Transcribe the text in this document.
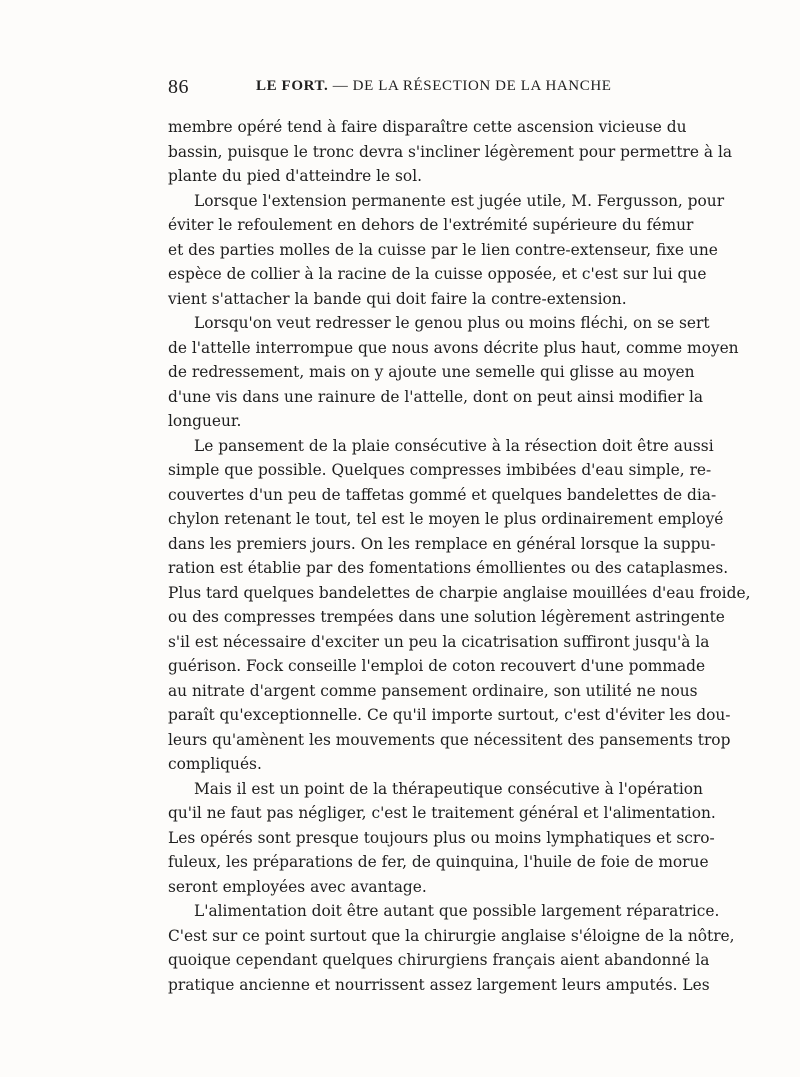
86	LE FORT. — DE LA RÉSECTION DE LA HANCHE
membre opéré tend à faire disparaître cette ascension vicieuse du
bassin, puisque le tronc devra s'incliner légèrement pour permettre à la
plante du pied d'atteindre le sol.
Lorsque l'extension permanente est jugée utile, M. Fergusson, pour
éviter le refoulement en dehors de l'extrémité supérieure du fémur
et des parties molles de la cuisse par le lien contre-extenseur, fixe une
espèce de collier à la racine de la cuisse opposée, et c'est sur lui que
vient s'attacher la bande qui doit faire la contre-extension.
Lorsqu'on veut redresser le genou plus ou moins fléchi, on se sert
de l'attelle interrompue que nous avons décrite plus haut, comme moyen
de redressement, mais on y ajoute une semelle qui glisse au moyen
d'une vis dans une rainure de l'attelle, dont on peut ainsi modifier la
longueur.
Le pansement de la plaie consécutive à la résection doit être aussi
simple que possible. Quelques compresses imbibées d'eau simple, re-
couvertes d'un peu de taffetas gommé et quelques bandelettes de dia-
chylon retenant le tout, tel est le moyen le plus ordinairement employé
dans les premiers jours. On les remplace en général lorsque la suppu-
ration est établie par des fomentations émollientes ou des cataplasmes.
Plus tard quelques bandelettes de charpie anglaise mouillées d'eau froide,
ou des compresses trempées dans une solution légèrement astringente
s'il est nécessaire d'exciter un peu la cicatrisation suffiront jusqu'à la
guérison. Fock conseille l'emploi de coton recouvert d'une pommade
au nitrate d'argent comme pansement ordinaire, son utilité ne nous
paraît qu'exceptionnelle. Ce qu'il importe surtout, c'est d'éviter les dou-
leurs qu'amènent les mouvements que nécessitent des pansements trop
compliqués.
Mais il est un point de la thérapeutique consécutive à l'opération
qu'il ne faut pas négliger, c'est le traitement général et l'alimentation.
Les opérés sont presque toujours plus ou moins lymphatiques et scro-
fuleux, les préparations de fer, de quinquina, l'huile de foie de morue
seront employées avec avantage.
L'alimentation doit être autant que possible largement réparatrice.
C'est sur ce point surtout que la chirurgie anglaise s'éloigne de la nôtre,
quoique cependant quelques chirurgiens français aient abandonné la
pratique ancienne et nourrissent assez largement leurs amputés. Les
